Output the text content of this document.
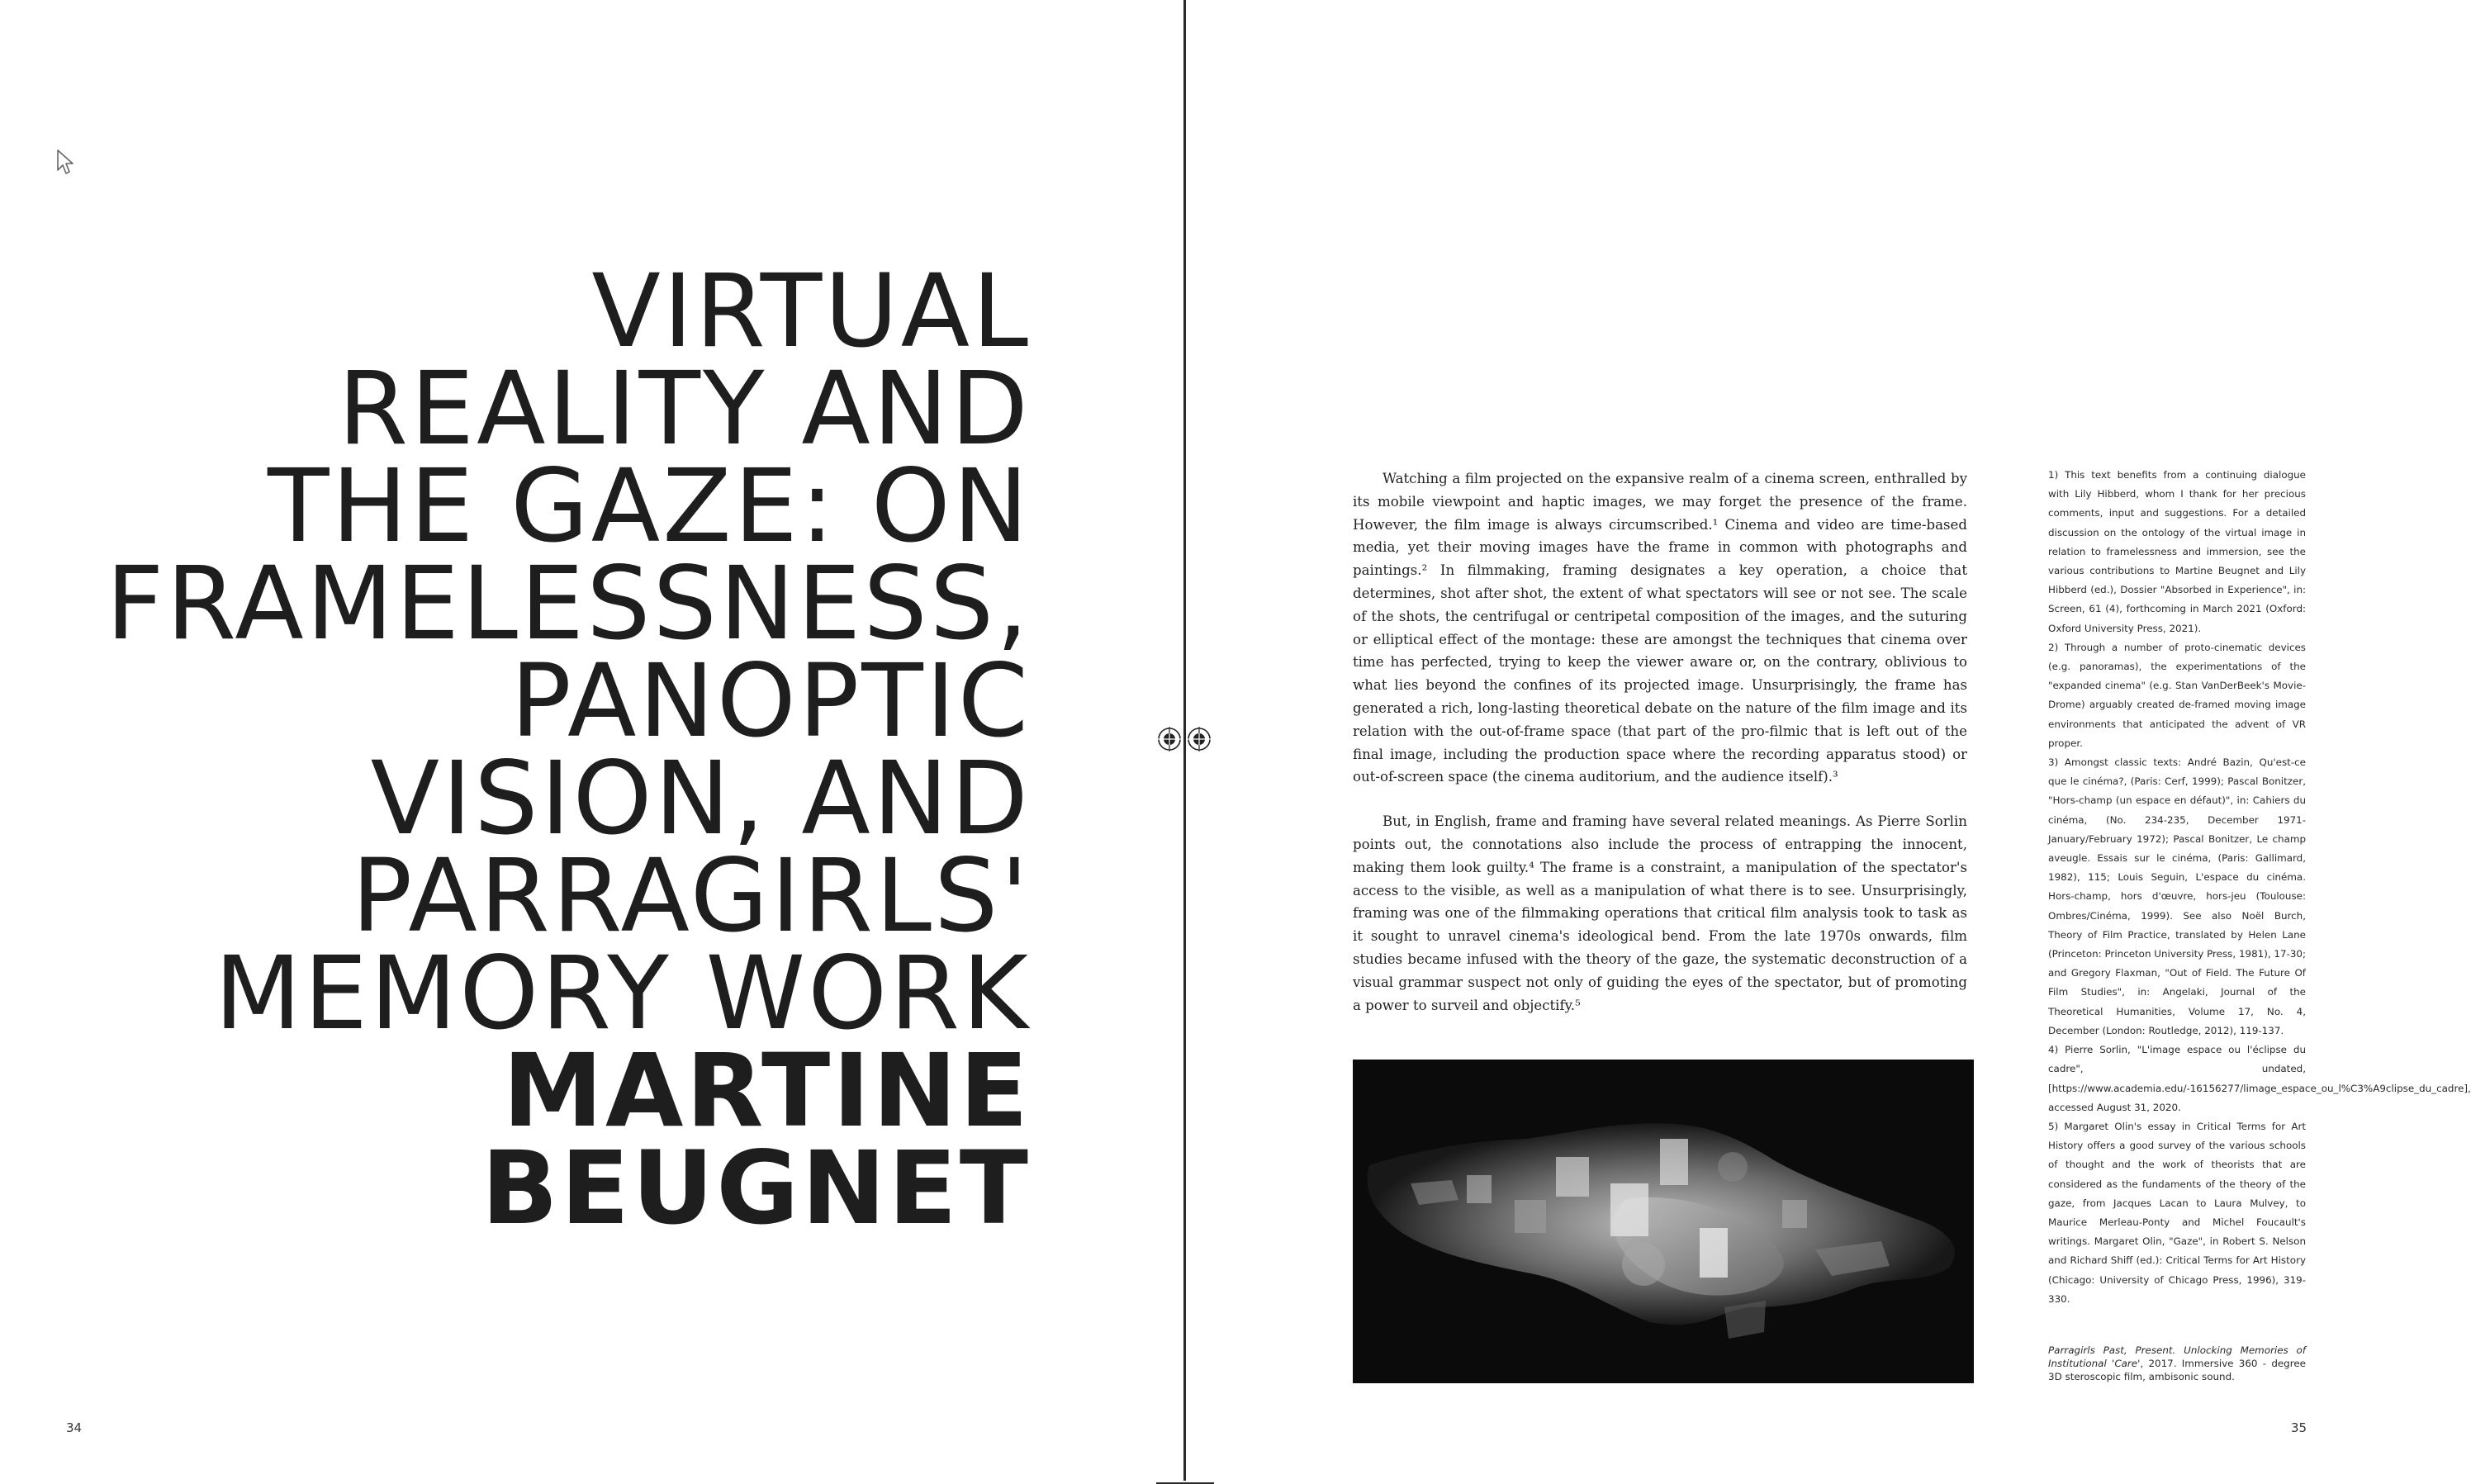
VIRTUAL
REALITY AND
THE GAZE: ON
FRAMELESSNESS,
PANOPTIC
VISION, AND
PARRAGIRLS'
MEMORY WORK
MARTINE
BEUGNET
34	35

Watching a film projected on the expansive realm of a cinema screen, enthralled by its mobile viewpoint and haptic images, we may forget the presence of the frame. However, the film image is always circumscribed.¹ Cinema and video are time-based media, yet their moving images have the frame in common with photographs and paintings.² In filmmaking, framing designates a key operation, a choice that determines, shot after shot, the extent of what spectators will see or not see. The scale of the shots, the centrifugal or centripetal composition of the images, and the suturing or elliptical effect of the montage: these are amongst the techniques that cinema over time has perfected, trying to keep the viewer aware or, on the contrary, oblivious to what lies beyond the confines of its projected image. Unsurprisingly, the frame has generated a rich, long-lasting theoretical debate on the nature of the film image and its relation with the out-of-frame space (that part of the pro-filmic that is left out of the final image, including the production space where the recording apparatus stood) or out-of-screen space (the cinema auditorium, and the audience itself).³

But, in English, frame and framing have several related meanings. As Pierre Sorlin points out, the connotations also include the process of entrapping the innocent, making them look guilty.⁴ The frame is a constraint, a manipulation of the spectator's access to the visible, as well as a manipulation of what there is to see. Unsurprisingly, framing was one of the filmmaking operations that critical film analysis took to task as it sought to unravel cinema's ideological bend. From the late 1970s onwards, film studies became infused with the theory of the gaze, the systematic deconstruction of a visual grammar suspect not only of guiding the eyes of the spectator, but of promoting a power to surveil and objectify.⁵

1) This text benefits from a continuing dialogue with Lily Hibberd, whom I thank for her precious comments, input and suggestions. For a detailed discussion on the ontology of the virtual image in relation to framelessness and immersion, see the various contributions to Martine Beugnet and Lily Hibberd (ed.), Dossier "Absorbed in Experience", in: Screen, 61 (4), forthcoming in March 2021 (Oxford: Oxford University Press, 2021).

2) Through a number of proto-cinematic devices (e.g. panoramas), the experimentations of the "expanded cinema" (e.g. Stan VanDerBeek's Movie-Drome) arguably created de-framed moving image environments that anticipated the advent of VR proper.

3) Amongst classic texts: André Bazin, Qu'est-ce que le cinéma?, (Paris: Cerf, 1999); Pascal Bonitzer, "Hors-champ (un espace en défaut)", in: Cahiers du cinéma, (No. 234-235, December 1971- January/February 1972); Pascal Bonitzer, Le champ aveugle. Essais sur le cinéma, (Paris: Gallimard, 1982), 115; Louis Seguin, L'espace du cinéma. Hors-champ, hors d'œuvre, hors-jeu (Toulouse: Ombres/Cinéma, 1999). See also Noël Burch, Theory of Film Practice, translated by Helen Lane (Princeton: Princeton University Press, 1981), 17-30; and Gregory Flaxman, "Out of Field. The Future Of Film Studies", in: Angelaki, Journal of the Theoretical Humanities, Volume 17, No. 4, December (London: Routledge, 2012), 119-137.

4) Pierre Sorlin, "L'image espace ou l'éclipse du cadre", undated, [https://www.academia.edu/-16156277/limage_espace_ou_l%C3%A9clipse_du_cadre], accessed August 31, 2020.

5) Margaret Olin's essay in Critical Terms for Art History offers a good survey of the various schools of thought and the work of theorists that are considered as the fundaments of the theory of the gaze, from Jacques Lacan to Laura Mulvey, to Maurice Merleau-Ponty and Michel Foucault's writings. Margaret Olin, "Gaze", in Robert S. Nelson and Richard Shiff (ed.): Critical Terms for Art History (Chicago: University of Chicago Press, 1996), 319-330.

Parragirls Past, Present. Unlocking Memories of Institutional 'Care', 2017. Immersive 360 - degree 3D steroscopic film, ambisonic sound.
